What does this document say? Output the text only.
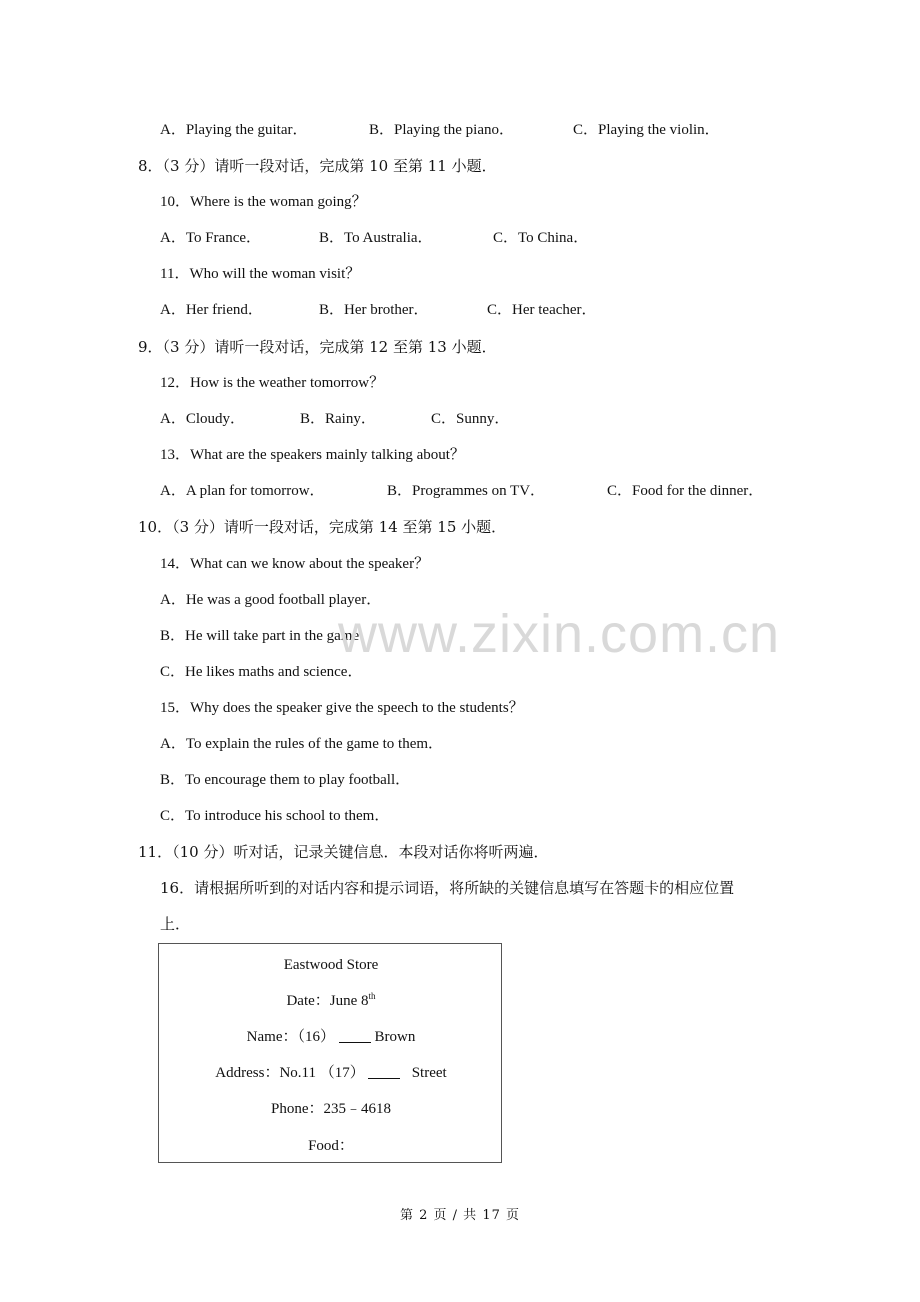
A．Playing the guitar．	B．Playing the piano．	C．Playing the violin．
8．（3 分）请听一段对话，完成第 10 至第 11 小题．
10．Where is the woman going？
A．To France．	B．To Australia．	C．To China．
11．Who will the woman visit？
A．Her friend．	B．Her brother．	C．Her teacher．
9．（3 分）请听一段对话，完成第 12 至第 13 小题．
12．How is the weather tomorrow？
A．Cloudy．	B．Rainy．	C．Sunny．
13．What are the speakers mainly talking about？
A．A plan for tomorrow．	B．Programmes on TV．	C．Food for the dinner．
10．（3 分）请听一段对话，完成第 14 至第 15 小题．
14．What can we know about the speaker？
A．He was a good football player．
B．He will take part in the game．
C．He likes maths and science．
15．Why does the speaker give the speech to the students？
A．To explain the rules of the game to them．
B．To encourage them to play football．
C．To introduce his school to them．
11．（10 分）听对话，记录关键信息．本段对话你将听两遍．
16．请根据所听到的对话内容和提示词语，将所缺的关键信息填写在答题卡的相应位置
上．
www.zixin.com.cn
Eastwood Store
Date：June 8th
Name：（16）	Brown
Address：No.11 （17）	Street
Phone：235﹣4618
Food：
第 2 页 / 共 17 页
